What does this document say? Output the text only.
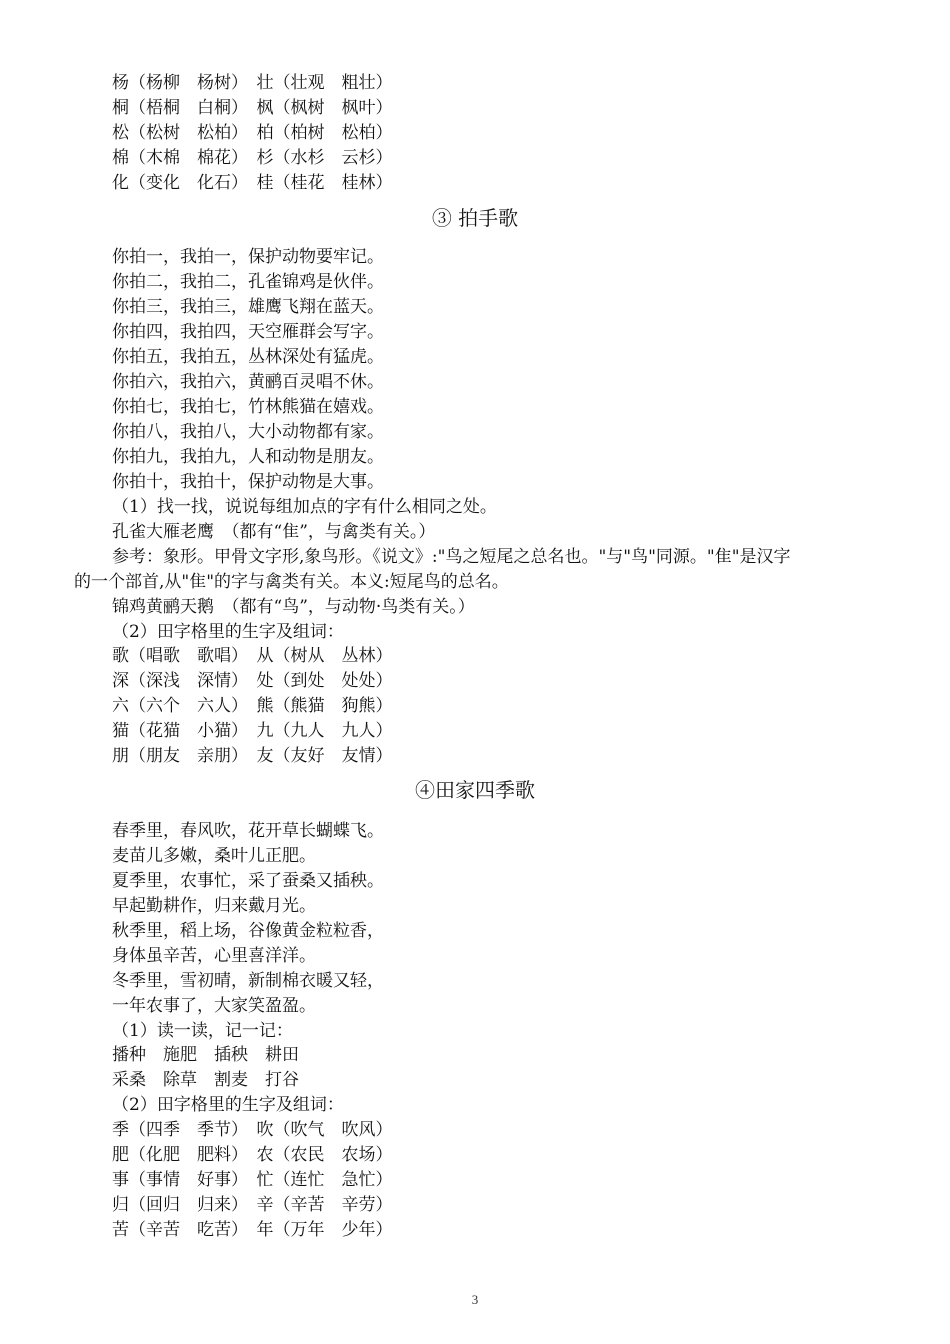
杨（杨柳　杨树）　壮（壮观　粗壮）
桐（梧桐　白桐）　枫（枫树　枫叶）
松（松树　松柏）　柏（柏树　松柏）
棉（木棉　棉花）　杉（水杉　云杉）
化（变化　化石）　桂（桂花　桂林）
③ 拍手歌
你拍一，我拍一，保护动物要牢记。
你拍二，我拍二，孔雀锦鸡是伙伴。
你拍三，我拍三，雄鹰飞翔在蓝天。
你拍四，我拍四，天空雁群会写字。
你拍五，我拍五，丛林深处有猛虎。
你拍六，我拍六，黄鹂百灵唱不休。
你拍七，我拍七，竹林熊猫在嬉戏。
你拍八，我拍八，大小动物都有家。
你拍九，我拍九，人和动物是朋友。
你拍十，我拍十，保护动物是大事。
（1）找一找，说说每组加点的字有什么相同之处。
孔雀大雁老鹰　（都有“隹”，与禽类有关。）
参考：象形。甲骨文字形,象鸟形。《说文》:"鸟之短尾之总名也。"与"鸟"同源。"隹"是汉字
的一个部首,从"隹"的字与禽类有关。本义:短尾鸟的总名。
锦鸡黄鹂天鹅　（都有“鸟”，与动物·鸟类有关。）
（2）田字格里的生字及组词：
歌（唱歌　歌唱）　从（树从　丛林）
深（深浅　深情）　处（到处　处处）
六（六个　六人）　熊（熊猫　狗熊）
猫（花猫　小猫）　九（九人　九人）
朋（朋友　亲朋）　友（友好　友情）
④田家四季歌
春季里，春风吹，花开草长蝴蝶飞。
麦苗儿多嫩，桑叶儿正肥。
夏季里，农事忙，采了蚕桑又插秧。
早起勤耕作，归来戴月光。
秋季里，稻上场，谷像黄金粒粒香，
身体虽辛苦，心里喜洋洋。
冬季里，雪初晴，新制棉衣暖又轻，
一年农事了，大家笑盈盈。
（1）读一读，记一记：
播种　施肥　插秧　耕田
采桑　除草　割麦　打谷
（2）田字格里的生字及组词：
季（四季　季节）　吹（吹气　吹风）
肥（化肥　肥料）　农（农民　农场）
事（事情　好事）　忙（连忙　急忙）
归（回归　归来）　辛（辛苦　辛劳）
苦（辛苦　吃苦）　年（万年　少年）
3
